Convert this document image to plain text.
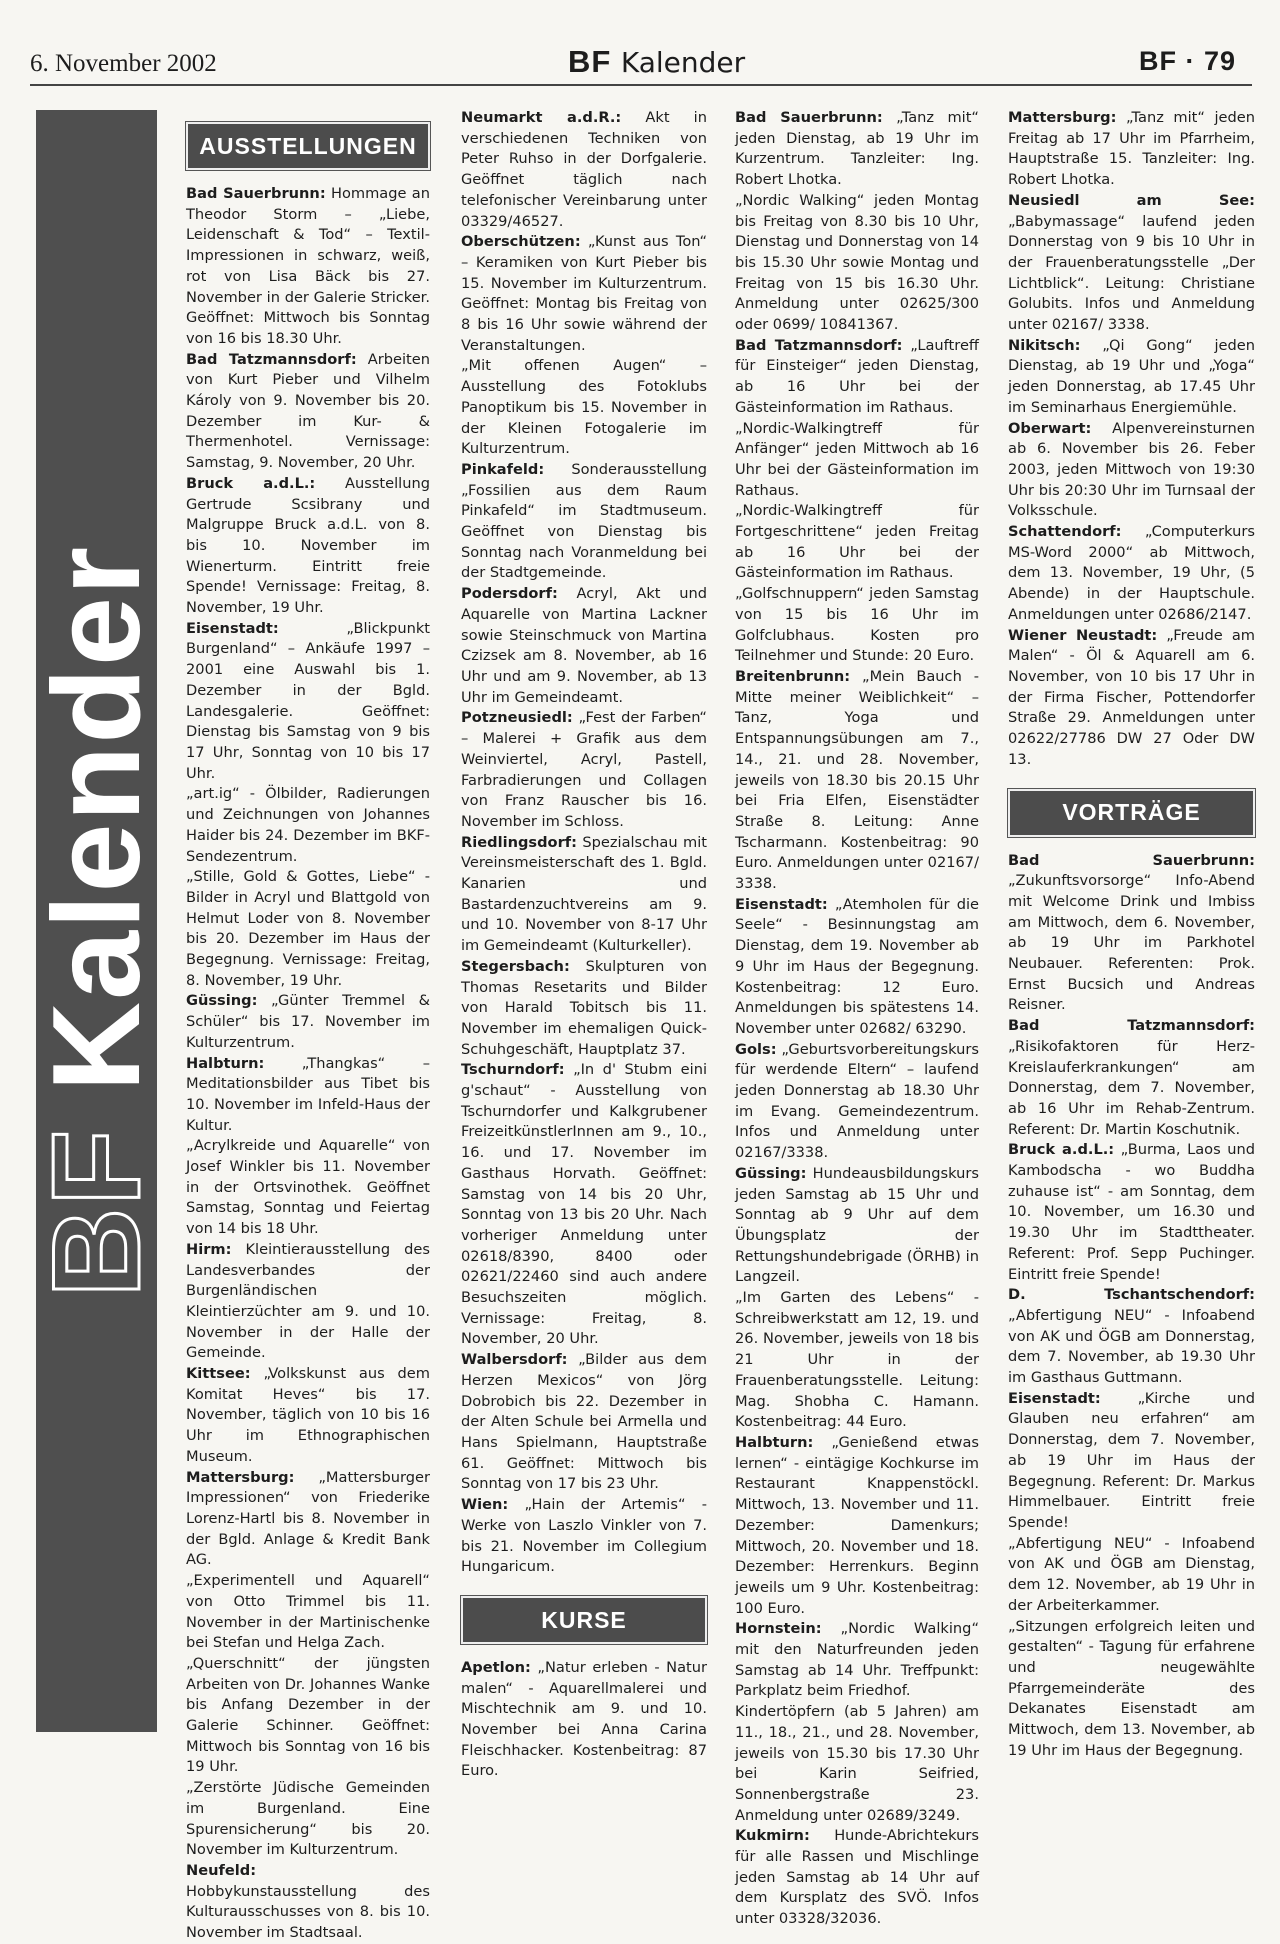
6. November 2002	BF Kalender	BF · 79
BF Kalender
AUSSTELLUNGEN
Bad Sauerbrunn: Hommage an Theodor Storm – „Liebe, Leidenschaft & Tod“ – Textil-Impressionen in schwarz, weiß, rot von Lisa Bäck bis 27. November in der Galerie Stricker. Geöffnet: Mittwoch bis Sonntag von 16 bis 18.30 Uhr.
Bad Tatzmannsdorf: Arbeiten von Kurt Pieber und Vilhelm Károly von 9. November bis 20. Dezember im Kur- & Thermenhotel. Vernissage: Samstag, 9. November, 20 Uhr.
Bruck a.d.L.: Ausstellung Gertrude Scsibrany und Malgruppe Bruck a.d.L. von 8. bis 10. November im Wienerturm. Eintritt freie Spende! Vernissage: Freitag, 8. November, 19 Uhr.
Eisenstadt: „Blickpunkt Burgenland“ – Ankäufe 1997 – 2001 eine Auswahl bis 1. Dezember in der Bgld. Landesgalerie. Geöffnet: Dienstag bis Samstag von 9 bis 17 Uhr, Sonntag von 10 bis 17 Uhr.
„art.ig“ - Ölbilder, Radierungen und Zeichnungen von Johannes Haider bis 24. Dezember im BKF-Sendezentrum.
„Stille, Gold & Gottes, Liebe“ - Bilder in Acryl und Blattgold von Helmut Loder von 8. November bis 20. Dezember im Haus der Begegnung. Vernissage: Freitag, 8. November, 19 Uhr.
Güssing: „Günter Tremmel & Schüler“ bis 17. November im Kulturzentrum.
Halbturn: „Thangkas“ – Meditationsbilder aus Tibet bis 10. November im Infeld-Haus der Kultur.
„Acrylkreide und Aquarelle“ von Josef Winkler bis 11. November in der Ortsvinothek. Geöffnet Samstag, Sonntag und Feiertag von 14 bis 18 Uhr.
Hirm: Kleintierausstellung des Landesverbandes der Burgenländischen Kleintierzüchter am 9. und 10. November in der Halle der Gemeinde.
Kittsee: „Volkskunst aus dem Komitat Heves“ bis 17. November, täglich von 10 bis 16 Uhr im Ethnographischen Museum.
Mattersburg: „Mattersburger Impressionen“ von Friederike Lorenz-Hartl bis 8. November in der Bgld. Anlage & Kredit Bank AG.
„Experimentell und Aquarell“ von Otto Trimmel bis 11. November in der Martinischenke bei Stefan und Helga Zach.
„Querschnitt“ der jüngsten Arbeiten von Dr. Johannes Wanke bis Anfang Dezember in der Galerie Schinner. Geöffnet: Mittwoch bis Sonntag von 16 bis 19 Uhr.
„Zerstörte Jüdische Gemeinden im Burgenland. Eine Spurensicherung“ bis 20. November im Kulturzentrum.
Neufeld: Hobbykunstausstellung des Kulturausschusses von 8. bis 10. November im Stadtsaal.
Neumarkt a.d.R.: Akt in verschiedenen Techniken von Peter Ruhso in der Dorfgalerie. Geöffnet täglich nach telefonischer Vereinbarung unter 03329/46527.
Oberschützen: „Kunst aus Ton“ – Keramiken von Kurt Pieber bis 15. November im Kulturzentrum. Geöffnet: Montag bis Freitag von 8 bis 16 Uhr sowie während der Veranstaltungen.
„Mit offenen Augen“ – Ausstellung des Fotoklubs Panoptikum bis 15. November in der Kleinen Fotogalerie im Kulturzentrum.
Pinkafeld: Sonderausstellung „Fossilien aus dem Raum Pinkafeld“ im Stadtmuseum. Geöffnet von Dienstag bis Sonntag nach Voranmeldung bei der Stadtgemeinde.
Podersdorf: Acryl, Akt und Aquarelle von Martina Lackner sowie Steinschmuck von Martina Czizsek am 8. November, ab 16 Uhr und am 9. November, ab 13 Uhr im Gemeindeamt.
Potzneusiedl: „Fest der Farben“ – Malerei + Grafik aus dem Weinviertel, Acryl, Pastell, Farbradierungen und Collagen von Franz Rauscher bis 16. November im Schloss.
Riedlingsdorf: Spezialschau mit Vereinsmeisterschaft des 1. Bgld. Kanarien und Bastardenzuchtvereins am 9. und 10. November von 8-17 Uhr im Gemeindeamt (Kulturkeller).
Stegersbach: Skulpturen von Thomas Resetarits und Bilder von Harald Tobitsch bis 11. November im ehemaligen Quick-Schuhgeschäft, Hauptplatz 37.
Tschurndorf: „In d' Stubm eini g'schaut“ - Ausstellung von Tschurndorfer und Kalkgrubener FreizeitkünstlerInnen am 9., 10., 16. und 17. November im Gasthaus Horvath. Geöffnet: Samstag von 14 bis 20 Uhr, Sonntag von 13 bis 20 Uhr. Nach vorheriger Anmeldung unter 02618/8390, 8400 oder 02621/22460 sind auch andere Besuchszeiten möglich. Vernissage: Freitag, 8. November, 20 Uhr.
Walbersdorf: „Bilder aus dem Herzen Mexicos“ von Jörg Dobrobich bis 22. Dezember in der Alten Schule bei Armella und Hans Spielmann, Hauptstraße 61. Geöffnet: Mittwoch bis Sonntag von 17 bis 23 Uhr.
Wien: „Hain der Artemis“ - Werke von Laszlo Vinkler von 7. bis 21. November im Collegium Hungaricum.
KURSE
Apetlon: „Natur erleben - Natur malen“ - Aquarellmalerei und Mischtechnik am 9. und 10. November bei Anna Carina Fleischhacker. Kostenbeitrag: 87 Euro.
Bad Sauerbrunn: „Tanz mit“ jeden Dienstag, ab 19 Uhr im Kurzentrum. Tanzleiter: Ing. Robert Lhotka.
„Nordic Walking“ jeden Montag bis Freitag von 8.30 bis 10 Uhr, Dienstag und Donnerstag von 14 bis 15.30 Uhr sowie Montag und Freitag von 15 bis 16.30 Uhr. Anmeldung unter 02625/300 oder 0699/ 10841367.
Bad Tatzmannsdorf: „Lauftreff für Einsteiger“ jeden Dienstag, ab 16 Uhr bei der Gästeinformation im Rathaus.
„Nordic-Walkingtreff für Anfänger“ jeden Mittwoch ab 16 Uhr bei der Gästeinformation im Rathaus.
„Nordic-Walkingtreff für Fortgeschrittene“ jeden Freitag ab 16 Uhr bei der Gästeinformation im Rathaus.
„Golfschnuppern“ jeden Samstag von 15 bis 16 Uhr im Golfclubhaus. Kosten pro Teilnehmer und Stunde: 20 Euro.
Breitenbrunn: „Mein Bauch - Mitte meiner Weiblichkeit“ – Tanz, Yoga und Entspannungsübungen am 7., 14., 21. und 28. November, jeweils von 18.30 bis 20.15 Uhr bei Fria Elfen, Eisenstädter Straße 8. Leitung: Anne Tscharmann. Kostenbeitrag: 90 Euro. Anmeldungen unter 02167/ 3338.
Eisenstadt: „Atemholen für die Seele“ - Besinnungstag am Dienstag, dem 19. November ab 9 Uhr im Haus der Begegnung. Kostenbeitrag: 12 Euro. Anmeldungen bis spätestens 14. November unter 02682/ 63290.
Gols: „Geburtsvorbereitungskurs für werdende Eltern“ – laufend jeden Donnerstag ab 18.30 Uhr im Evang. Gemeindezentrum. Infos und Anmeldung unter 02167/3338.
Güssing: Hundeausbildungskurs jeden Samstag ab 15 Uhr und Sonntag ab 9 Uhr auf dem Übungsplatz der Rettungshundebrigade (ÖRHB) in Langzeil.
„Im Garten des Lebens“ - Schreibwerkstatt am 12, 19. und 26. November, jeweils von 18 bis 21 Uhr in der Frauenberatungsstelle. Leitung: Mag. Shobha C. Hamann. Kostenbeitrag: 44 Euro.
Halbturn: „Genießend etwas lernen“ - eintägige Kochkurse im Restaurant Knappenstöckl. Mittwoch, 13. November und 11. Dezember: Damenkurs; Mittwoch, 20. November und 18. Dezember: Herrenkurs. Beginn jeweils um 9 Uhr. Kostenbeitrag: 100 Euro.
Hornstein: „Nordic Walking“ mit den Naturfreunden jeden Samstag ab 14 Uhr. Treffpunkt: Parkplatz beim Friedhof.
Kindertöpfern (ab 5 Jahren) am 11., 18., 21., und 28. November, jeweils von 15.30 bis 17.30 Uhr bei Karin Seifried, Sonnenbergstraße 23. Anmeldung unter 02689/3249.
Kukmirn: Hunde-Abrichtekurs für alle Rassen und Mischlinge jeden Samstag ab 14 Uhr auf dem Kursplatz des SVÖ. Infos unter 03328/32036.
Mattersburg: „Tanz mit“ jeden Freitag ab 17 Uhr im Pfarrheim, Hauptstraße 15. Tanzleiter: Ing. Robert Lhotka.
Neusiedl am See: „Babymassage“ laufend jeden Donnerstag von 9 bis 10 Uhr in der Frauenberatungsstelle „Der Lichtblick“. Leitung: Christiane Golubits. Infos und Anmeldung unter 02167/ 3338.
Nikitsch: „Qi Gong“ jeden Dienstag, ab 19 Uhr und „Yoga“ jeden Donnerstag, ab 17.45 Uhr im Seminarhaus Energiemühle.
Oberwart: Alpenvereinsturnen ab 6. November bis 26. Feber 2003, jeden Mittwoch von 19:30 Uhr bis 20:30 Uhr im Turnsaal der Volksschule.
Schattendorf: „Computerkurs MS-Word 2000“ ab Mittwoch, dem 13. November, 19 Uhr, (5 Abende) in der Hauptschule. Anmeldungen unter 02686/2147.
Wiener Neustadt: „Freude am Malen“ - Öl & Aquarell am 6. November, von 10 bis 17 Uhr in der Firma Fischer, Pottendorfer Straße 29. Anmeldungen unter 02622/27786 DW 27 Oder DW 13.
VORTRÄGE
Bad Sauerbrunn: „Zukunftsvorsorge“ Info-Abend mit Welcome Drink und Imbiss am Mittwoch, dem 6. November, ab 19 Uhr im Parkhotel Neubauer. Referenten: Prok. Ernst Bucsich und Andreas Reisner.
Bad Tatzmannsdorf: „Risikofaktoren für Herz-Kreislauferkrankungen“ am Donnerstag, dem 7. November, ab 16 Uhr im Rehab-Zentrum. Referent: Dr. Martin Koschutnik.
Bruck a.d.L.: „Burma, Laos und Kambodscha - wo Buddha zuhause ist“ - am Sonntag, dem 10. November, um 16.30 und 19.30 Uhr im Stadttheater. Referent: Prof. Sepp Puchinger. Eintritt freie Spende!
D. Tschantschendorf: „Abfertigung NEU“ - Infoabend von AK und ÖGB am Donnerstag, dem 7. November, ab 19.30 Uhr im Gasthaus Guttmann.
Eisenstadt: „Kirche und Glauben neu erfahren“ am Donnerstag, dem 7. November, ab 19 Uhr im Haus der Begegnung. Referent: Dr. Markus Himmelbauer. Eintritt freie Spende!
„Abfertigung NEU“ - Infoabend von AK und ÖGB am Dienstag, dem 12. November, ab 19 Uhr in der Arbeiterkammer.
„Sitzungen erfolgreich leiten und gestalten“ - Tagung für erfahrene und neugewählte Pfarrgemeinderäte des Dekanates Eisenstadt am Mittwoch, dem 13. November, ab 19 Uhr im Haus der Begegnung.
